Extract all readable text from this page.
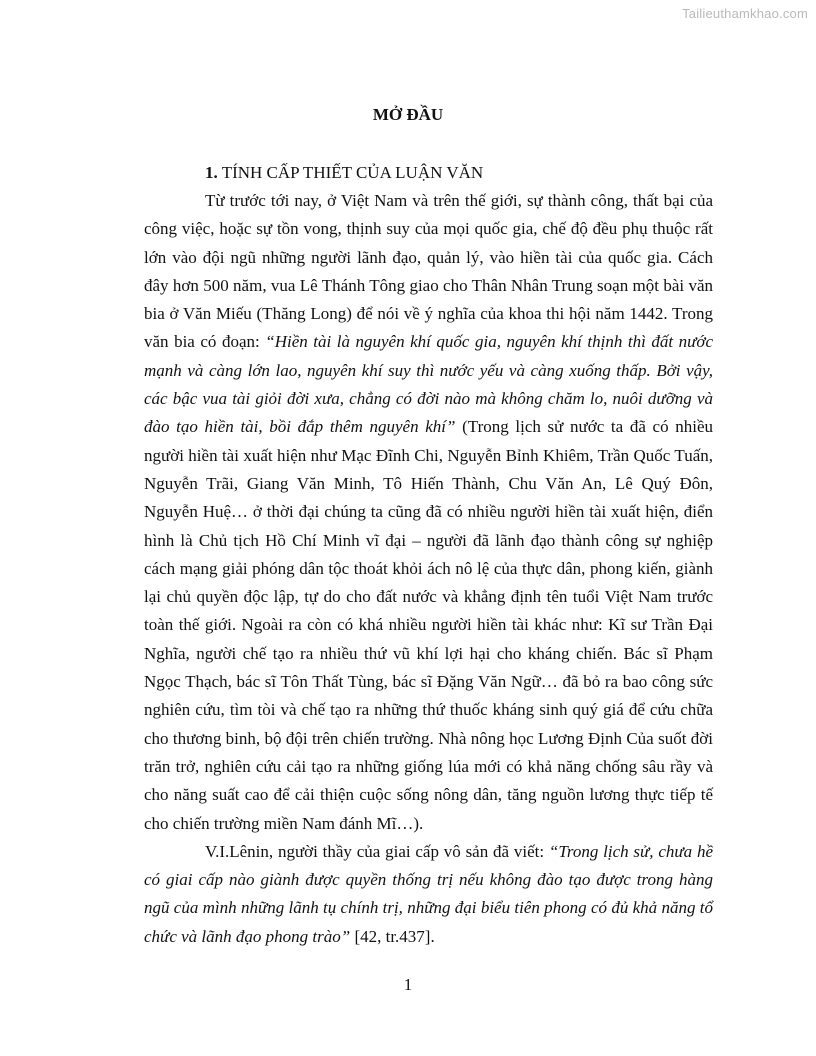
Tailieuthamkhao.com
MỞ ĐẦU
1. TÍNH CẤP THIẾT CỦA LUẬN VĂN

Từ trước tới nay, ở Việt Nam và trên thế giới, sự thành công, thất bại của công việc, hoặc sự tồn vong, thịnh suy của mọi quốc gia, chế độ đều phụ thuộc rất lớn vào đội ngũ những người lãnh đạo, quản lý, vào hiền tài của quốc gia. Cách đây hơn 500 năm, vua Lê Thánh Tông giao cho Thân Nhân Trung soạn một bài văn bia ở Văn Miếu (Thăng Long) để nói về ý nghĩa của khoa thi hội năm 1442. Trong văn bia có đoạn: “Hiền tài là nguyên khí quốc gia, nguyên khí thịnh thì đất nước mạnh và càng lớn lao, nguyên khí suy thì nước yếu và càng xuống thấp. Bởi vậy, các bậc vua tài giỏi đời xưa, chẳng có đời nào mà không chăm lo, nuôi dưỡng và đào tạo hiền tài, bồi đắp thêm nguyên khí” (Trong lịch sử nước ta đã có nhiều người hiền tài xuất hiện như Mạc Đĩnh Chi, Nguyễn Bỉnh Khiêm, Trần Quốc Tuấn, Nguyễn Trãi, Giang Văn Minh, Tô Hiến Thành, Chu Văn An, Lê Quý Đôn, Nguyễn Huệ… ở thời đại chúng ta cũng đã có nhiều người hiền tài xuất hiện, điển hình là Chủ tịch Hồ Chí Minh vĩ đại – người đã lãnh đạo thành công sự nghiệp cách mạng giải phóng dân tộc thoát khỏi ách nô lệ của thực dân, phong kiến, giành lại chủ quyền độc lập, tự do cho đất nước và khẳng định tên tuổi Việt Nam trước toàn thế giới. Ngoài ra còn có khá nhiều người hiền tài khác như: Kĩ sư Trần Đại Nghĩa, người chế tạo ra nhiều thứ vũ khí lợi hại cho kháng chiến. Bác sĩ Phạm Ngọc Thạch, bác sĩ Tôn Thất Tùng, bác sĩ Đặng Văn Ngữ… đã bỏ ra bao công sức nghiên cứu, tìm tòi và chế tạo ra những thứ thuốc kháng sinh quý giá để cứu chữa cho thương binh, bộ đội trên chiến trường. Nhà nông học Lương Định Của suốt đời trăn trở, nghiên cứu cải tạo ra những giống lúa mới có khả năng chống sâu rầy và cho năng suất cao để cải thiện cuộc sống nông dân, tăng nguồn lương thực tiếp tế cho chiến trường miền Nam đánh Mĩ…).

V.I.Lênin, người thầy của giai cấp vô sản đã viết: “Trong lịch sử, chưa hề có giai cấp nào giành được quyền thống trị nếu không đào tạo được trong hàng ngũ của mình những lãnh tụ chính trị, những đại biểu tiên phong có đủ khả năng tổ chức và lãnh đạo phong trào” [42, tr.437].

1
